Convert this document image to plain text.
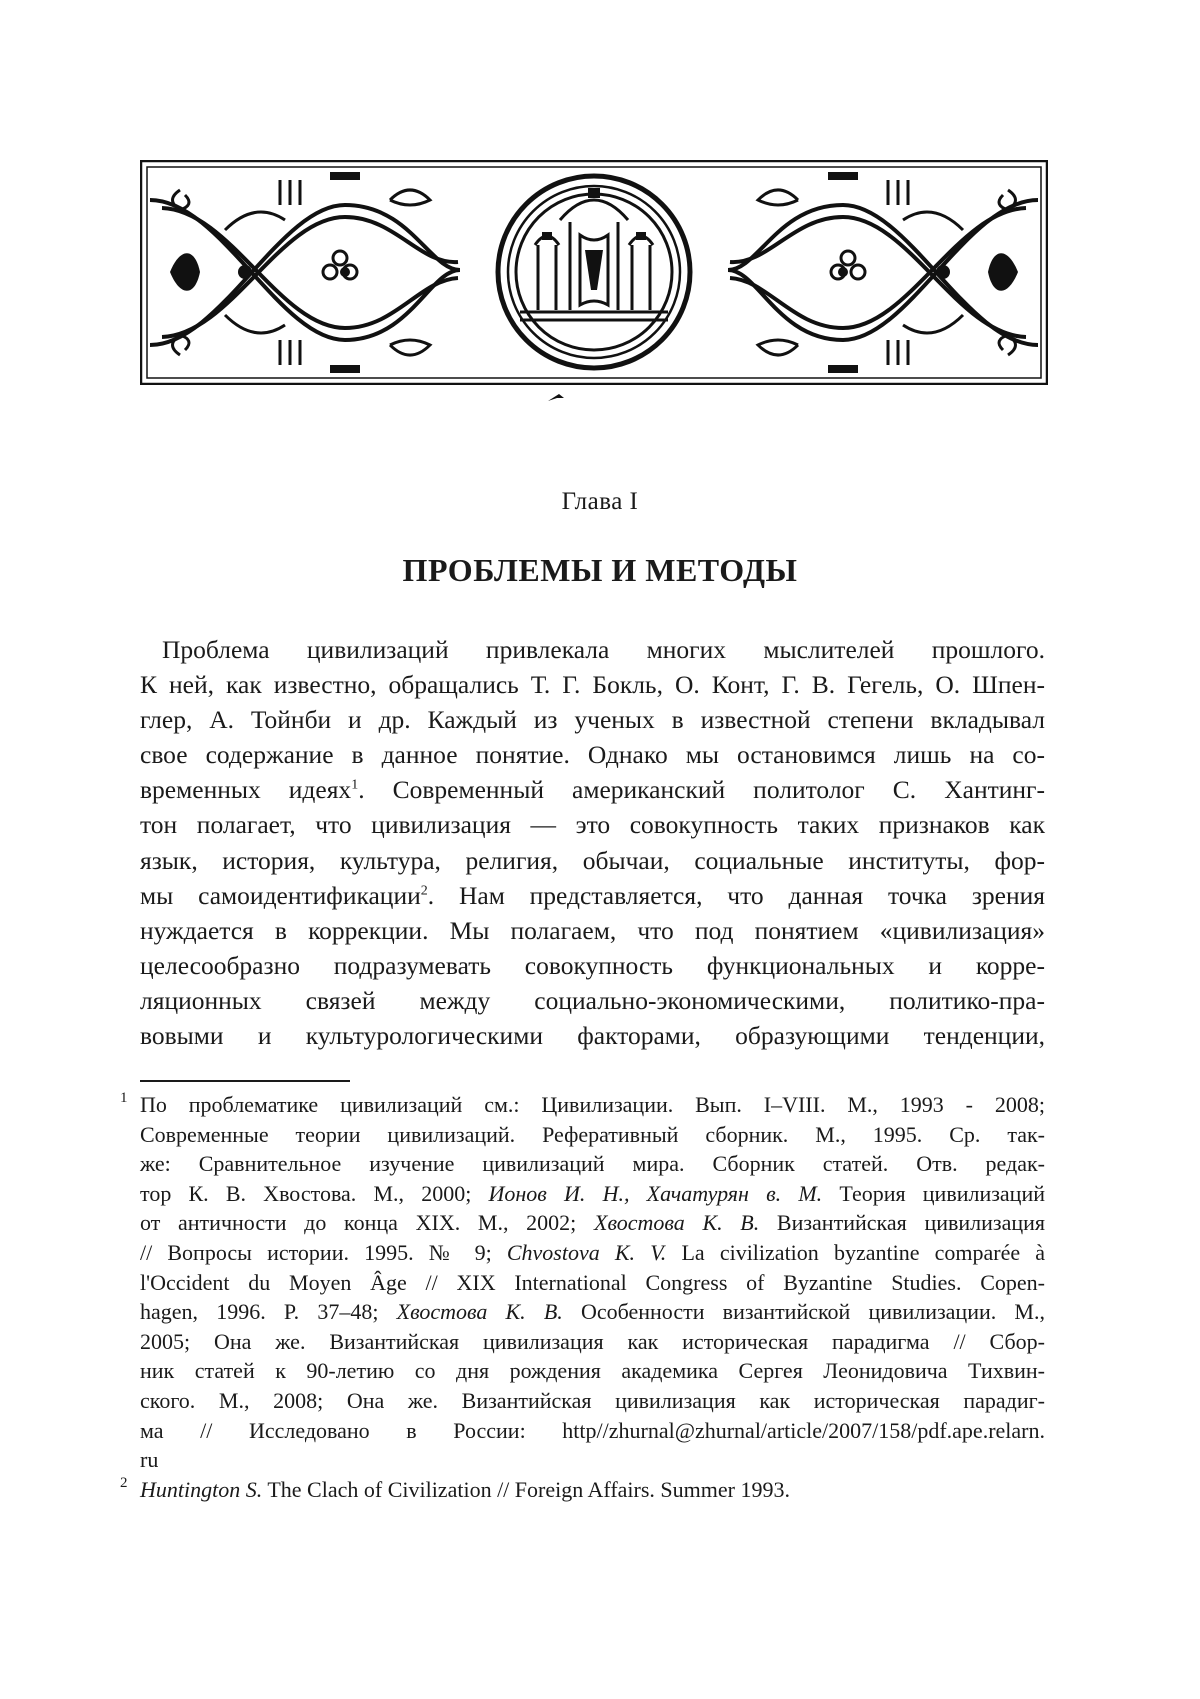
Глава I
ПРОБЛЕМЫ И МЕТОДЫ
Проблема цивилизаций привлекала многих мыслителей прошлого.
К ней, как известно, обращались Т. Г. Бокль, О. Конт, Г. В. Гегель, О. Шпен-
глер, А. Тойнби и др. Каждый из ученых в известной степени вкладывал
свое содержание в данное понятие. Однако мы остановимся лишь на со-
временных идеях1. Современный американский политолог С. Хантинг-
тон полагает, что цивилизация — это совокупность таких признаков как
язык, история, культура, религия, обычаи, социальные институты, фор-
мы самоидентификации2. Нам представляется, что данная точка зрения
нуждается в коррекции. Мы полагаем, что под понятием «цивилизация»
целесообразно подразумевать совокупность функциональных и корре-
ляционных связей между социально-экономическими, политико-пра-
вовыми и культурологическими факторами, образующими тенденции,
1 По проблематике цивилизаций см.: Цивилизации. Вып. I–VIII. М., 1993 - 2008;
Современные теории цивилизаций. Реферативный сборник. М., 1995. Ср. так-
же: Сравнительное изучение цивилизаций мира. Сборник статей. Отв. редак-
тор К. В. Хвостова. М., 2000; Ионов И. Н., Хачатурян в. М. Теория цивилизаций
от античности до конца XIX. М., 2002; Хвостова К. В. Византийская цивилизация
// Вопросы истории. 1995. № 9; Chvostova K. V. La civilization byzantine comparée à
l'Occident du Moyen Âge // XIX International Congress of Byzantine Studies. Copen-
hagen, 1996. P. 37–48; Хвостова К. В. Особенности византийской цивилизации. М.,
2005; Она же. Византийская цивилизация как историческая парадигма // Сбор-
ник статей к 90-летию со дня рождения академика Сергея Леонидовича Тихвин-
ского. М., 2008; Она же. Византийская цивилизация как историческая парадиг-
ма // Исследовано в России: http//zhurnal@zhurnal/article/2007/158/pdf.ape.relarn.
ru
2 Huntington S. The Clach of Civilization // Foreign Affairs. Summer 1993.
